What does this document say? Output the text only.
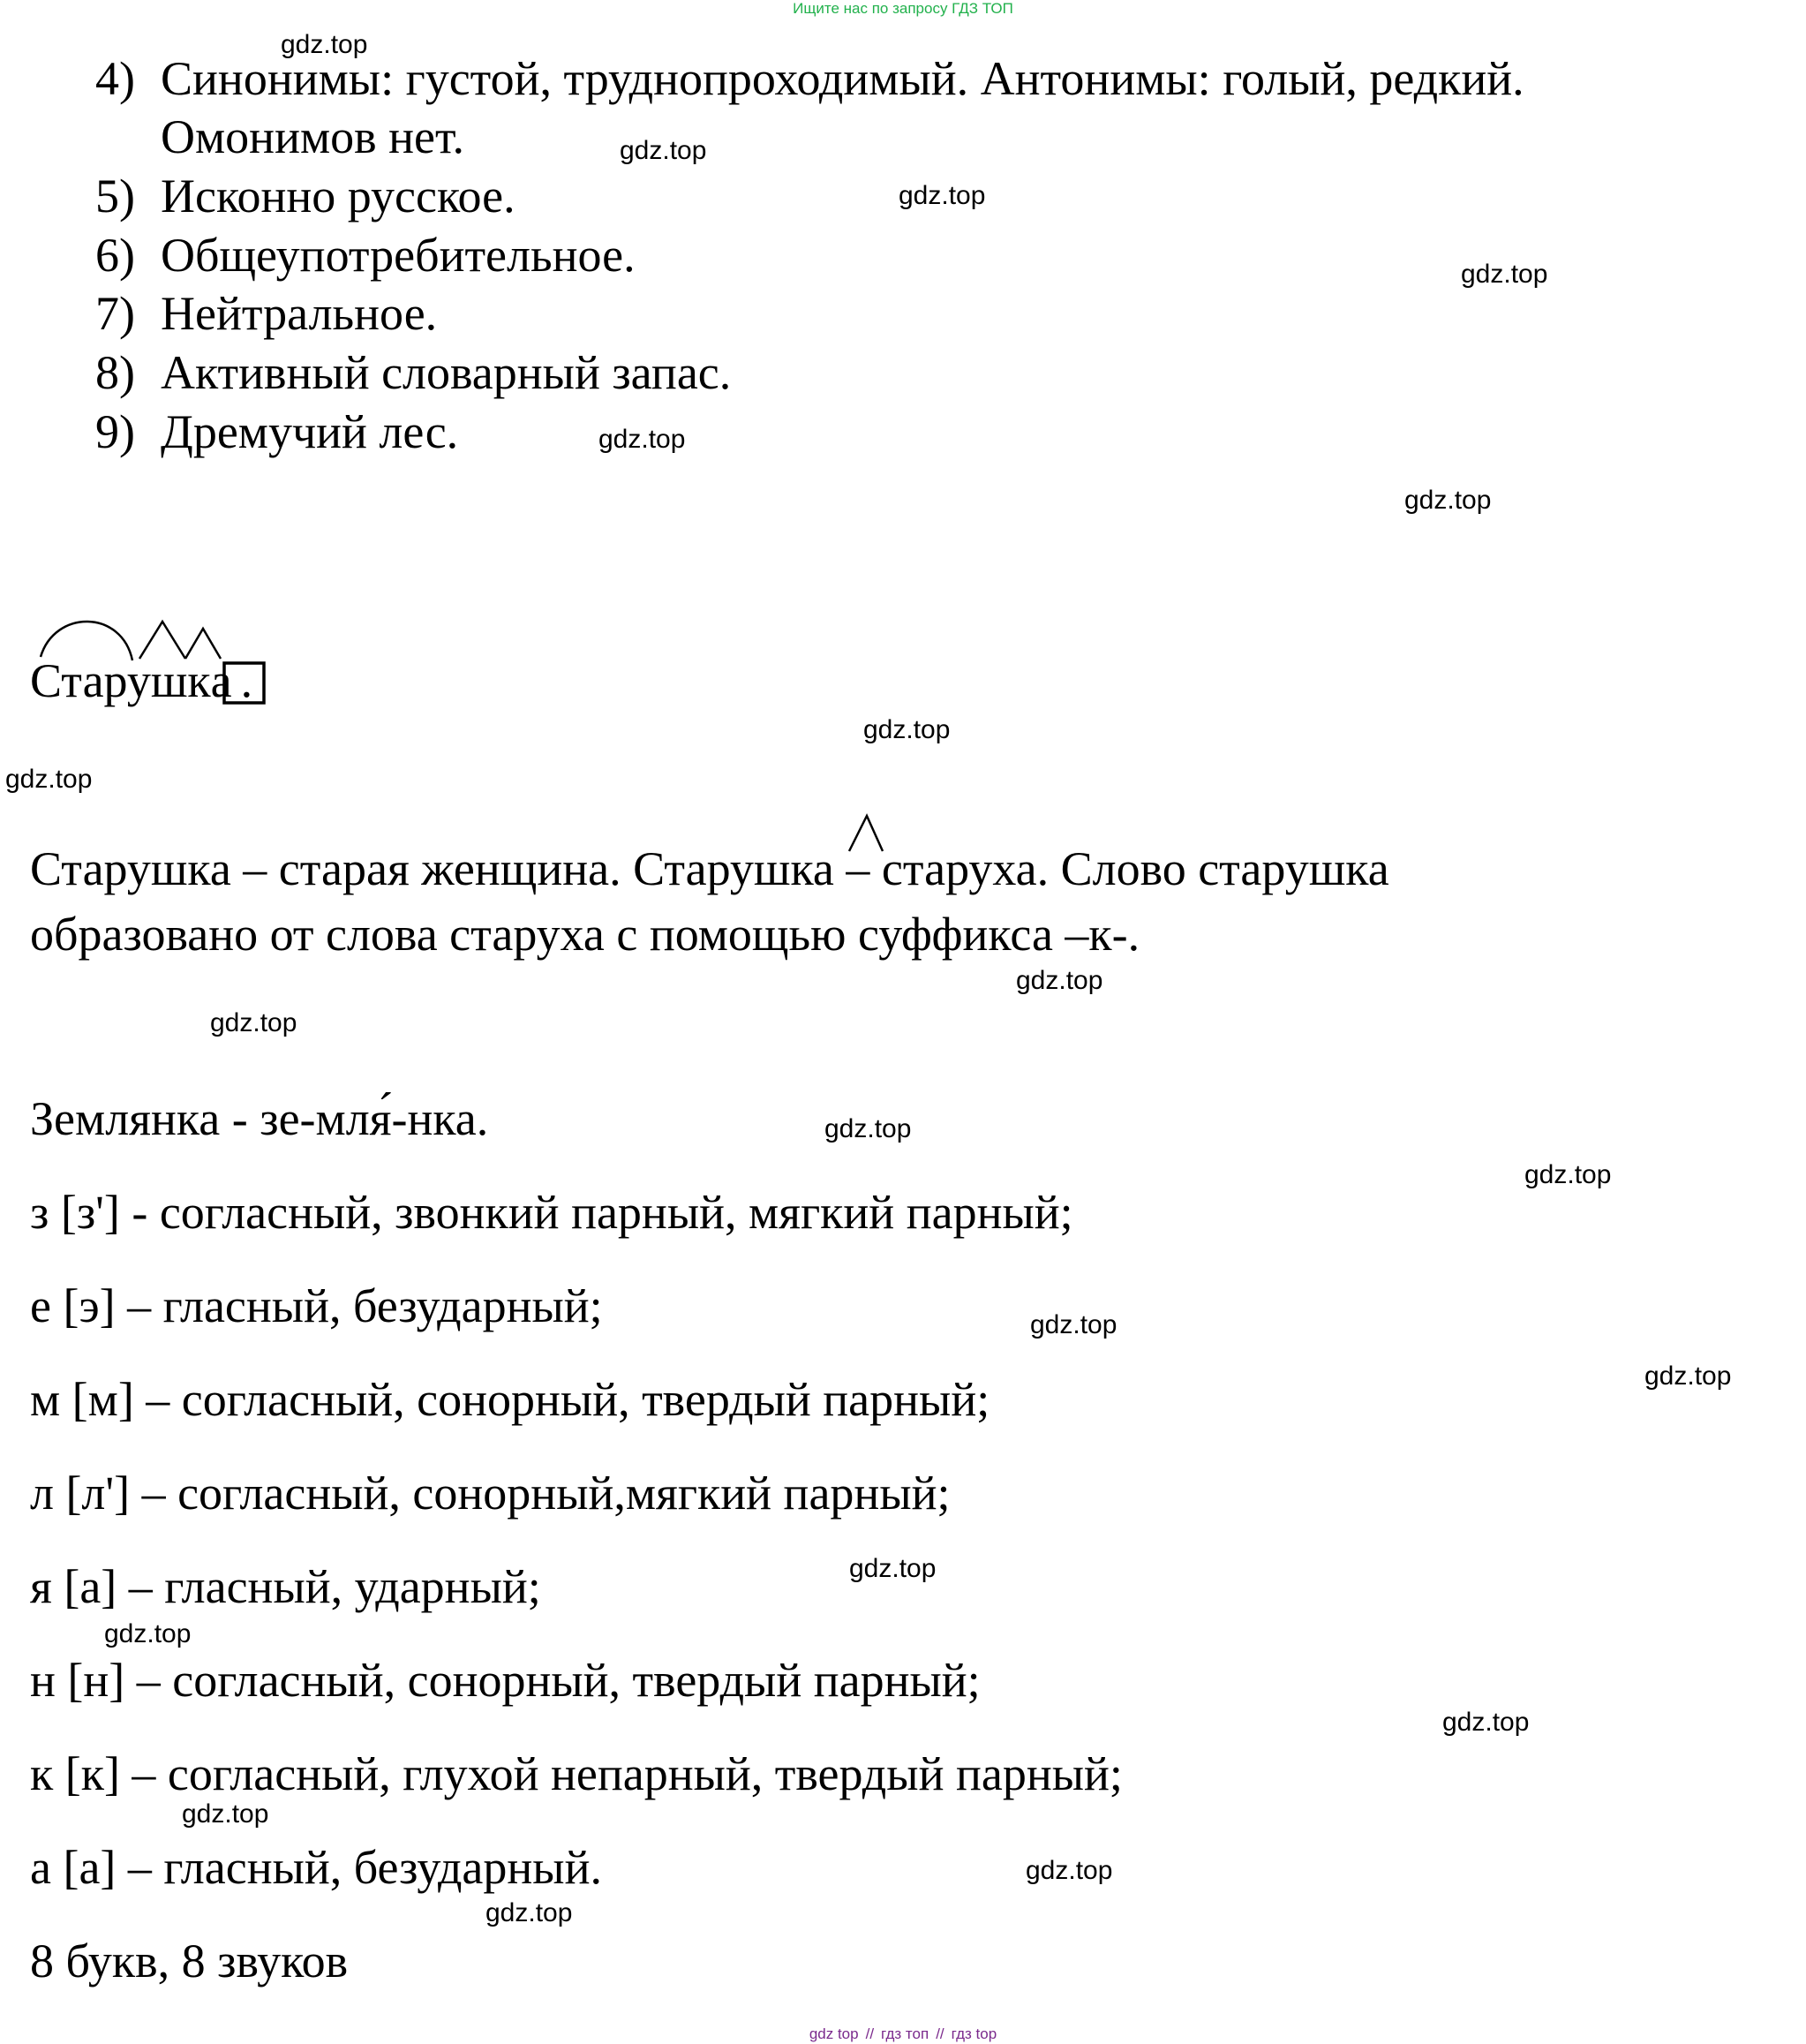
Ищите нас по запросу ГДЗ ТОП
4) Синонимы: густой, труднопроходимый. Антонимы: голый, редкий.
Омонимов нет.
5) Исконно русское.
6) Общеупотребительное.
7) Нейтральное.
8) Активный словарный запас.
9) Дремучий лес.
Старушка .
Старушка – старая женщина. Старушка – старуха. Слово старушка
образовано от слова старуха с помощью суффикса –к-.
Землянка - зе-мля́-нка.
з [з'] - согласный, звонкий парный, мягкий парный;
е [э] – гласный, безударный;
м [м] – согласный, сонорный, твердый парный;
л [л'] – согласный, сонорный,мягкий парный;
я [а] – гласный, ударный;
н [н] – согласный, сонорный, твердый парный;
к [к] – согласный, глухой непарный, твердый парный;
а [а] – гласный, безударный.
8 букв, 8 звуков
gdz.top
gdz.top
gdz.top
gdz.top
gdz.top
gdz.top
gdz.top
gdz.top
gdz.top
gdz.top
gdz.top
gdz.top
gdz.top
gdz.top
gdz.top
gdz.top
gdz.top
gdz.top
gdz.top
gdz.top
gdz top // гдз топ // гдз top
